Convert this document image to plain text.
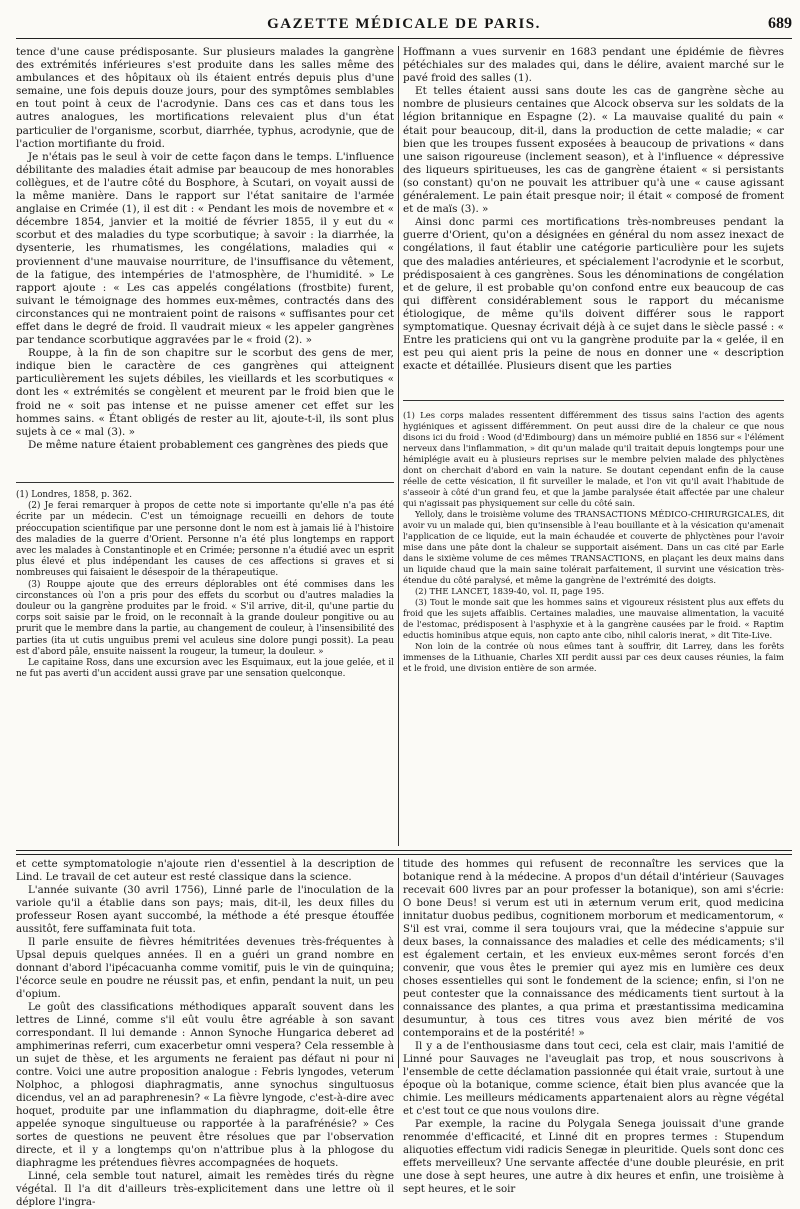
GAZETTE MÉDICALE DE PARIS.	689

tence d'une cause prédisposante. Sur plusieurs malades la gangrène des extrémités inférieures s'est produite dans les salles même des ambulances et des hôpitaux où ils étaient entrés depuis plus d'une semaine, une fois depuis douze jours, pour des symptômes semblables en tout point à ceux de l'acrodynie. Dans ces cas et dans tous les autres analogues, les mortifications relevaient plus d'un état particulier de l'organisme, scorbut, diarrhée, typhus, acrodynie, que de l'action mortifiante du froid.

Je n'étais pas le seul à voir de cette façon dans le temps. L'influence débilitante des maladies était admise par beaucoup de mes honorables collègues, et de l'autre côté du Bosphore, à Scutari, on voyait aussi de la même manière. Dans le rapport sur l'état sanitaire de l'armée anglaise en Crimée (1), il est dit : « Pendant les mois de novembre et « décembre 1854, janvier et la moitié de février 1855, il y eut du « scorbut et des maladies du type scorbutique; à savoir : la diarrhée, la dysenterie, les rhumatismes, les congélations, maladies qui « proviennent d'une mauvaise nourriture, de l'insuffisance du vêtement, de la fatigue, des intempéries de l'atmosphère, de l'humidité. » Le rapport ajoute : « Les cas appelés congélations (frostbite) furent, suivant le témoignage des hommes eux-mêmes, contractés dans des circonstances qui ne montraient point de raisons « suffisantes pour cet effet dans le degré de froid. Il vaudrait mieux « les appeler gangrènes par tendance scorbutique aggravées par le « froid (2). »

Rouppe, à la fin de son chapitre sur le scorbut des gens de mer, indique bien le caractère de ces gangrènes qui atteignent particulièrement les sujets débiles, les vieillards et les scorbutiques « dont les « extrémités se congèlent et meurent par le froid bien que le froid ne « soit pas intense et ne puisse amener cet effet sur les hommes sains. « Étant obligés de rester au lit, ajoute-t-il, ils sont plus sujets à ce « mal (3). »

De même nature étaient probablement ces gangrènes des pieds que

(1) Londres, 1858, p. 362.

(2) Je ferai remarquer à propos de cette note si importante qu'elle n'a pas été écrite par un médecin. C'est un témoignage recueilli en dehors de toute préoccupation scientifique par une personne dont le nom est à jamais lié à l'histoire des maladies de la guerre d'Orient. Personne n'a été plus longtemps en rapport avec les malades à Constantinople et en Crimée; personne n'a étudié avec un esprit plus élevé et plus indépendant les causes de ces affections si graves et si nombreuses qui faisaient le désespoir de la thérapeutique.

(3) Rouppe ajoute que des erreurs déplorables ont été commises dans les circonstances où l'on a pris pour des effets du scorbut ou d'autres maladies la douleur ou la gangrène produites par le froid. « S'il arrive, dit-il, qu'une partie du corps soit saisie par le froid, on le reconnaît à la grande douleur pongitive ou au prurit que le membre dans la partie, au changement de couleur, à l'insensibilité des parties (ita ut cutis unguibus premi vel aculeus sine dolore pungi possit). La peau est d'abord pâle, ensuite naissent la rougeur, la tumeur, la douleur. »

Le capitaine Ross, dans une excursion avec les Esquimaux, eut la joue gelée, et il ne fut pas averti d'un accident aussi grave par une sensation quelconque.

Hoffmann a vues survenir en 1683 pendant une épidémie de fièvres pétéchiales sur des malades qui, dans le délire, avaient marché sur le pavé froid des salles (1).

Et telles étaient aussi sans doute les cas de gangrène sèche au nombre de plusieurs centaines que Alcock observa sur les soldats de la légion britannique en Espagne (2). « La mauvaise qualité du pain « était pour beaucoup, dit-il, dans la production de cette maladie; « car bien que les troupes fussent exposées à beaucoup de privations « dans une saison rigoureuse (inclement season), et à l'influence « dépressive des liqueurs spiritueuses, les cas de gangrène étaient « si persistants (so constant) qu'on ne pouvait les attribuer qu'à une « cause agissant généralement. Le pain était presque noir; il était « composé de froment et de maïs (3). »

Ainsi donc parmi ces mortifications très-nombreuses pendant la guerre d'Orient, qu'on a désignées en général du nom assez inexact de congélations, il faut établir une catégorie particulière pour les sujets que des maladies antérieures, et spécialement l'acrodynie et le scorbut, prédisposaient à ces gangrènes. Sous les dénominations de congélation et de gelure, il est probable qu'on confond entre eux beaucoup de cas qui diffèrent considérablement sous le rapport du mécanisme étiologique, de même qu'ils doivent différer sous le rapport symptomatique. Quesnay écrivait déjà à ce sujet dans le siècle passé : « Entre les praticiens qui ont vu la gangrène produite par la « gelée, il en est peu qui aient pris la peine de nous en donner une « description exacte et détaillée. Plusieurs disent que les parties

(1) Les corps malades ressentent différemment des tissus sains l'action des agents hygiéniques et agissent différemment. On peut aussi dire de la chaleur ce que nous disons ici du froid : Wood (d'Edimbourg) dans un mémoire publié en 1856 sur « l'élément nerveux dans l'inflammation, » dit qu'un malade qu'il traitait depuis longtemps pour une hémiplégie avait eu à plusieurs reprises sur le membre pelvien malade des phlyctènes dont on cherchait d'abord en vain la nature. Se doutant cependant enfin de la cause réelle de cette vésication, il fit surveiller le malade, et l'on vit qu'il avait l'habitude de s'asseoir à côté d'un grand feu, et que la jambe paralysée était affectée par une chaleur qui n'agissait pas physiquement sur celle du côté sain.

Yelloly, dans le troisième volume des TRANSACTIONS MÉDICO-CHIRURGICALES, dit avoir vu un malade qui, bien qu'insensible à l'eau bouillante et à la vésication qu'amenait l'application de ce liquide, eut la main échaudée et couverte de phlyctènes pour l'avoir mise dans une pâte dont la chaleur se supportait aisément. Dans un cas cité par Earle dans le sixième volume de ces mêmes TRANSACTIONS, en plaçant les deux mains dans un liquide chaud que la main saine tolérait parfaitement, il survint une vésication très-étendue du côté paralysé, et même la gangrène de l'extrémité des doigts.

(2) THE LANCET, 1839-40, vol. II, page 195.

(3) Tout le monde sait que les hommes sains et vigoureux résistent plus aux effets du froid que les sujets affaiblis. Certaines maladies, une mauvaise alimentation, la vacuité de l'estomac, prédisposent à l'asphyxie et à la gangrène causées par le froid. « Raptim eductis hominibus atque equis, non capto ante cibo, nihil caloris inerat, » dit Tite-Live.

Non loin de la contrée où nous eûmes tant à souffrir, dit Larrey, dans les forêts immenses de la Lithuanie, Charles XII perdit aussi par ces deux causes réunies, la faim et le froid, une division entière de son armée.

et cette symptomatologie n'ajoute rien d'essentiel à la description de Lind. Le travail de cet auteur est resté classique dans la science.

L'année suivante (30 avril 1756), Linné parle de l'inoculation de la variole qu'il a établie dans son pays; mais, dit-il, les deux filles du professeur Rosen ayant succombé, la méthode a été presque étouffée aussitôt, fere suffaminata fuit tota.

Il parle ensuite de fièvres hémitritées devenues très-fréquentes à Upsal depuis quelques années. Il en a guéri un grand nombre en donnant d'abord l'ipécacuanha comme vomitif, puis le vin de quinquina; l'écorce seule en poudre ne réussit pas, et enfin, pendant la nuit, un peu d'opium.

Le goût des classifications méthodiques apparaît souvent dans les lettres de Linné, comme s'il eût voulu être agréable à son savant correspondant. Il lui demande : Annon Synoche Hungarica deberet ad amphimerinas referri, cum exacerbetur omni vespera? Cela ressemble à un sujet de thèse, et les arguments ne feraient pas défaut ni pour ni contre. Voici une autre proposition analogue : Febris lyngodes, veterum Nolphoc, a phlogosi diaphragmatis, anne synochus singultuosus dicendus, vel an ad paraphrenesin? « La fièvre lyngode, c'est-à-dire avec hoquet, produite par une inflammation du diaphragme, doit-elle être appelée synoque singultueuse ou rapportée à la parafrénésie? » Ces sortes de questions ne peuvent être résolues que par l'observation directe, et il y a longtemps qu'on n'attribue plus à la phlogose du diaphragme les prétendues fièvres accompagnées de hoquets.

Linné, cela semble tout naturel, aimait les remèdes tirés du règne végétal. Il l'a dit d'ailleurs très-explicitement dans une lettre où il déplore l'ingra-

titude des hommes qui refusent de reconnaître les services que la botanique rend à la médecine. A propos d'un détail d'intérieur (Sauvages recevait 600 livres par an pour professer la botanique), son ami s'écrie: O bone Deus! si verum est uti in æternum verum erit, quod medicina innitatur duobus pedibus, cognitionem morborum et medicamentorum, « S'il est vrai, comme il sera toujours vrai, que la médecine s'appuie sur deux bases, la connaissance des maladies et celle des médicaments; s'il est également certain, et les envieux eux-mêmes seront forcés d'en convenir, que vous êtes le premier qui ayez mis en lumière ces deux choses essentielles qui sont le fondement de la science; enfin, si l'on ne peut contester que la connaissance des médicaments tient surtout à la connaissance des plantes, a qua prima et præstantissima medicamina desumuntur, à tous ces titres vous avez bien mérité de vos contemporains et de la postérité! »

Il y a de l'enthousiasme dans tout ceci, cela est clair, mais l'amitié de Linné pour Sauvages ne l'aveuglait pas trop, et nous souscrivons à l'ensemble de cette déclamation passionnée qui était vraie, surtout à une époque où la botanique, comme science, était bien plus avancée que la chimie. Les meilleurs médicaments appartenaient alors au règne végétal et c'est tout ce que nous voulons dire.

Par exemple, la racine du Polygala Senega jouissait d'une grande renommée d'efficacité, et Linné dit en propres termes : Stupendum aliquoties effectum vidi radicis Senegæ in pleuritide. Quels sont donc ces effets merveilleux? Une servante affectée d'une double pleurésie, en prit une dose à sept heures, une autre à dix heures et enfin, une troisième à sept heures, et le soir
